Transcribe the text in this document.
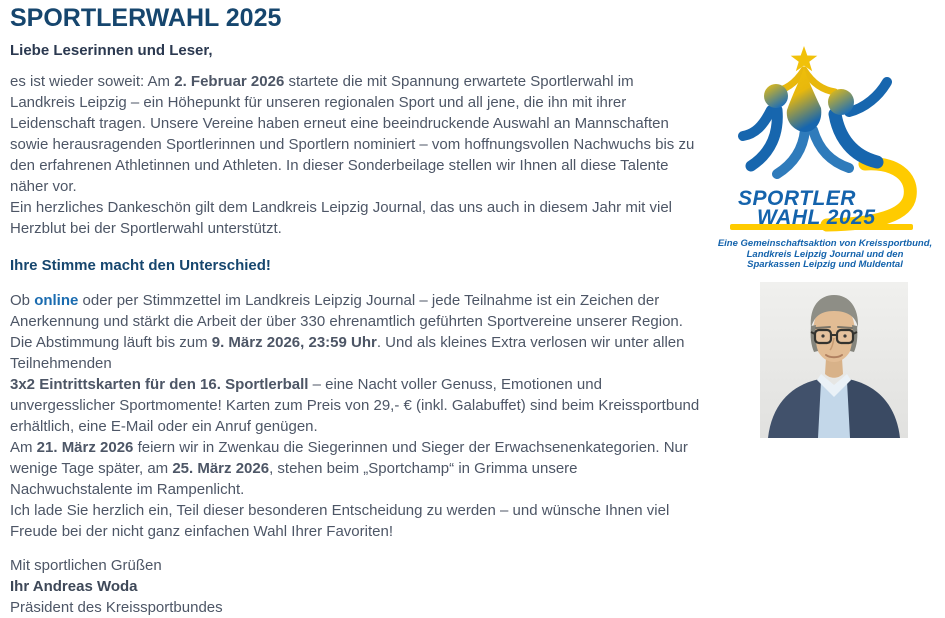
SPORTLERWAHL 2025
Liebe Leserinnen und Leser,

es ist wieder soweit: Am 2. Februar 2026 startete die mit Spannung erwartete Sportlerwahl im Landkreis Leipzig – ein Höhepunkt für unseren regionalen Sport und all jene, die ihn mit ihrer Leidenschaft tragen. Unsere Vereine haben erneut eine beeindruckende Auswahl an Mannschaften sowie herausragenden Sportlerinnen und Sportlern nominiert – vom hoffnungsvollen Nachwuchs bis zu den erfahrenen Athletinnen und Athleten. In dieser Sonderbeilage stellen wir Ihnen all diese Talente näher vor.
Ein herzliches Dankeschön gilt dem Landkreis Leipzig Journal, das uns auch in diesem Jahr mit viel Herzblut bei der Sportlerwahl unterstützt.

Ihre Stimme macht den Unterschied!

Ob online oder per Stimmzettel im Landkreis Leipzig Journal – jede Teilnahme ist ein Zeichen der Anerkennung und stärkt die Arbeit der über 330 ehrenamtlich geführten Sportvereine unserer Region.
Die Abstimmung läuft bis zum 9. März 2026, 23:59 Uhr. Und als kleines Extra verlosen wir unter allen Teilnehmenden
3x2 Eintrittskarten für den 16. Sportlerball – eine Nacht voller Genuss, Emotionen und unvergesslicher Sportmomente! Karten zum Preis von 29,- € (inkl. Galabuffet) sind beim Kreissportbund erhältlich, eine E-Mail oder ein Anruf genügen.
Am 21. März 2026 feiern wir in Zwenkau die Siegerinnen und Sieger der Erwachsenenkategorien. Nur wenige Tage später, am 25. März 2026, stehen beim „Sportchamp“ in Grimma unsere Nachwuchstalente im Rampenlicht.
Ich lade Sie herzlich ein, Teil dieser besonderen Entscheidung zu werden – und wünsche Ihnen viel Freude bei der nicht ganz einfachen Wahl Ihrer Favoriten!

Mit sportlichen Grüßen
Ihr Andreas Woda
Präsident des Kreissportbundes
SPORTLER
WAHL 2025
Eine Gemeinschaftsaktion von Kreissportbund,
Landkreis Leipzig Journal und den
Sparkassen Leipzig und Muldental
